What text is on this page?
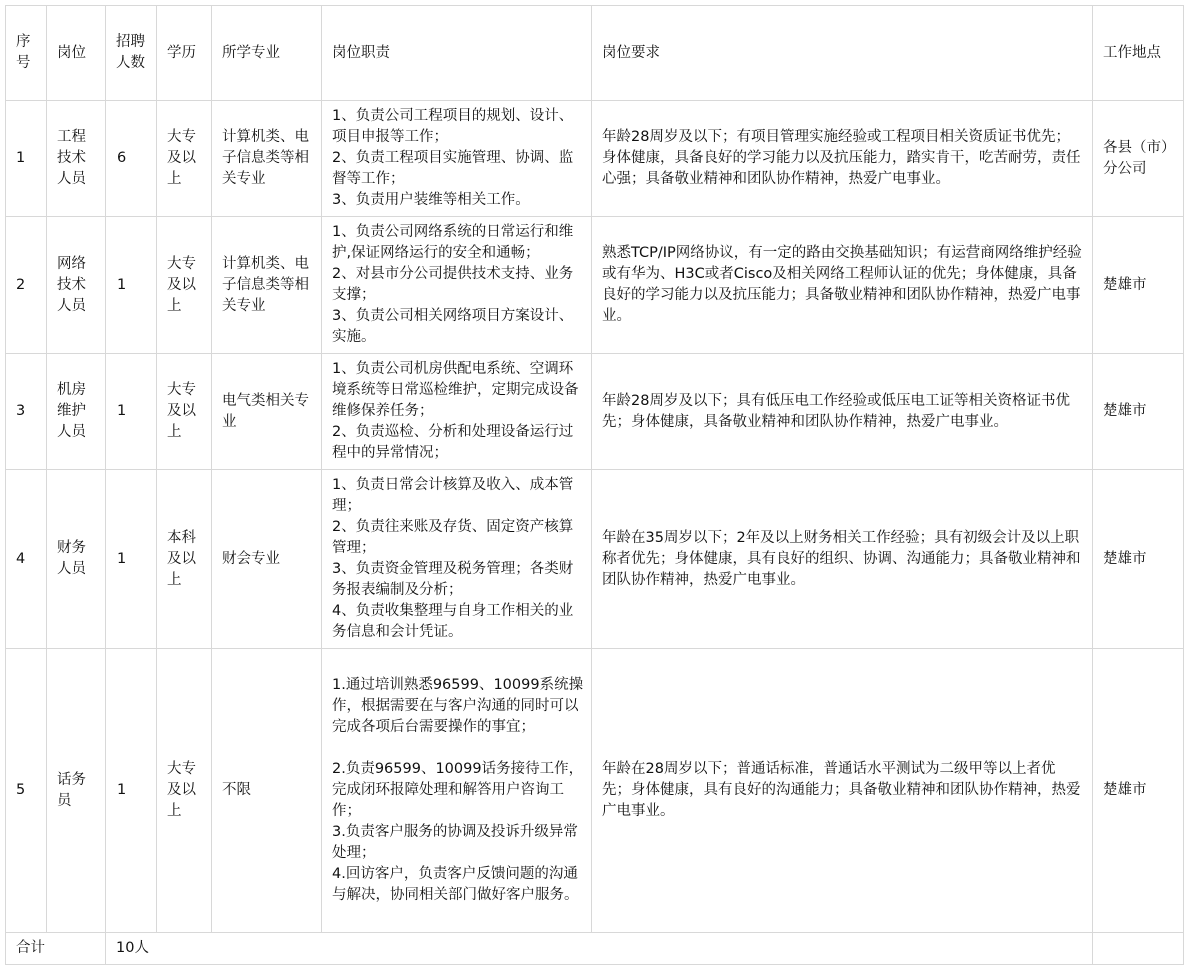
序号	岗位	招聘人数	学历	所学专业	岗位职责	岗位要求	工作地点
1	工程技术人员	6	大专及以上	计算机类、电子信息类等相关专业	1、负责公司工程项目的规划、设计、项目申报等工作；
2、负责工程项目实施管理、协调、监督等工作；
3、负责用户装维等相关工作。	年龄28周岁及以下；有项目管理实施经验或工程项目相关资质证书优先；身体健康，具备良好的学习能力以及抗压能力，踏实肯干，吃苦耐劳，责任心强；具备敬业精神和团队协作精神，热爱广电事业。	各县（市）分公司
2	网络技术人员	1	大专及以上	计算机类、电子信息类等相关专业	1、负责公司网络系统的日常运行和维护,保证网络运行的安全和通畅；
2、对县市分公司提供技术支持、业务支撑；
3、负责公司相关网络项目方案设计、实施。	熟悉TCP/IP网络协议，有一定的路由交换基础知识；有运营商网络维护经验或有华为、H3C或者Cisco及相关网络工程师认证的优先；身体健康，具备良好的学习能力以及抗压能力；具备敬业精神和团队协作精神，热爱广电事业。	楚雄市
3	机房维护人员	1	大专及以上	电气类相关专业	1、负责公司机房供配电系统、空调环境系统等日常巡检维护，定期完成设备维修保养任务；
2、负责巡检、分析和处理设备运行过程中的异常情况；	年龄28周岁及以下；具有低压电工作经验或低压电工证等相关资格证书优先；身体健康，具备敬业精神和团队协作精神，热爱广电事业。	楚雄市
4	财务人员	1	本科及以上	财会专业	1、负责日常会计核算及收入、成本管理；
2、负责往来账及存货、固定资产核算管理；
3、负责资金管理及税务管理；各类财务报表编制及分析；
4、负责收集整理与自身工作相关的业务信息和会计凭证。	年龄在35周岁以下；2年及以上财务相关工作经验；具有初级会计及以上职称者优先；身体健康，具有良好的组织、协调、沟通能力；具备敬业精神和团队协作精神，热爱广电事业。	楚雄市
5	话务员	1	大专及以上	不限	1.通过培训熟悉96599、10099系统操作，根据需要在与客户沟通的同时可以完成各项后台需要操作的事宜；

2.负责96599、10099话务接待工作，完成闭环报障处理和解答用户咨询工作；
3.负责客户服务的协调及投诉升级异常处理；
4.回访客户，负责客户反馈问题的沟通与解决，协同相关部门做好客户服务。	年龄在28周岁以下；普通话标准，普通话水平测试为二级甲等以上者优先；身体健康，具有良好的沟通能力；具备敬业精神和团队协作精神，热爱广电事业。	楚雄市
合计		10人					
